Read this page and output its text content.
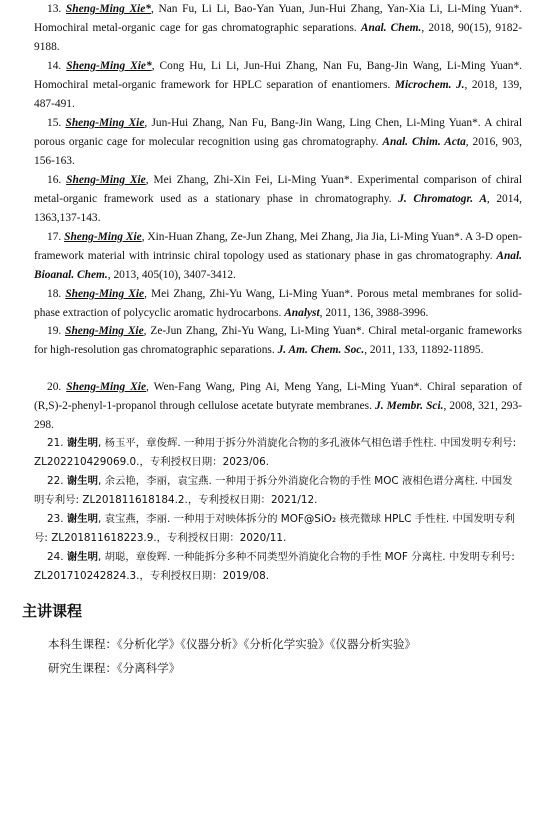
13. Sheng-Ming Xie*, Nan Fu, Li Li, Bao-Yan Yuan, Jun-Hui Zhang, Yan-Xia Li, Li-Ming Yuan*. Homochiral metal-organic cage for gas chromatographic separations. Anal. Chem., 2018, 90(15), 9182-9188.
14. Sheng-Ming Xie*, Cong Hu, Li Li, Jun-Hui Zhang, Nan Fu, Bang-Jin Wang, Li-Ming Yuan*. Homochiral metal-organic framework for HPLC separation of enantiomers. Microchem. J., 2018, 139, 487-491.
15. Sheng-Ming Xie, Jun-Hui Zhang, Nan Fu, Bang-Jin Wang, Ling Chen, Li-Ming Yuan*. A chiral porous organic cage for molecular recognition using gas chromatography. Anal. Chim. Acta, 2016, 903, 156-163.
16. Sheng-Ming Xie, Mei Zhang, Zhi-Xin Fei, Li-Ming Yuan*. Experimental comparison of chiral metal-organic framework used as a stationary phase in chromatography. J. Chromatogr. A, 2014, 1363,137-143.
17. Sheng-Ming Xie, Xin-Huan Zhang, Ze-Jun Zhang, Mei Zhang, Jia Jia, Li-Ming Yuan*. A 3-D open-framework material with intrinsic chiral topology used as stationary phase in gas chromatography. Anal. Bioanal. Chem., 2013, 405(10), 3407-3412.
18. Sheng-Ming Xie, Mei Zhang, Zhi-Yu Wang, Li-Ming Yuan*. Porous metal membranes for solid-phase extraction of polycyclic aromatic hydrocarbons. Analyst, 2011, 136, 3988-3996.
19. Sheng-Ming Xie, Ze-Jun Zhang, Zhi-Yu Wang, Li-Ming Yuan*. Chiral metal-organic frameworks for high-resolution gas chromatographic separations. J. Am. Chem. Soc., 2011, 133, 11892-11895.
20. Sheng-Ming Xie, Wen-Fang Wang, Ping Ai, Meng Yang, Li-Ming Yuan*. Chiral separation of (R,S)-2-phenyl-1-propanol through cellulose acetate butyrate membranes. J. Membr. Sci., 2008, 321, 293-298.
21. 谢生明, 杨玉平，章俊辉. 一种用于拆分外消旋化合物的多孔液体气相色谱手性柱. 中国发明专利号: ZL202210429069.0.，专利授权日期：2023/06.
22. 谢生明, 余云艳，李丽，袁宝燕. 一种用于拆分外消旋化合物的手性 MOC 液相色谱分离柱. 中国发明专利号: ZL201811618184.2.，专利授权日期：2021/12.
23. 谢生明, 袁宝燕，李丽. 一种用于对映体拆分的 MOF@SiO₂ 核壳微球 HPLC 手性柱. 中国发明专利号: ZL201811618223.9.，专利授权日期：2020/11.
24. 谢生明, 胡聪，章俊辉. 一种能拆分多种不同类型外消旋化合物的手性 MOF 分离柱. 中发明专利号: ZL201710242824.3.，专利授权日期：2019/08.
主讲课程
本科生课程：《分析化学》《仪器分析》《分析化学实验》《仪器分析实验》
研究生课程：《分离科学》
